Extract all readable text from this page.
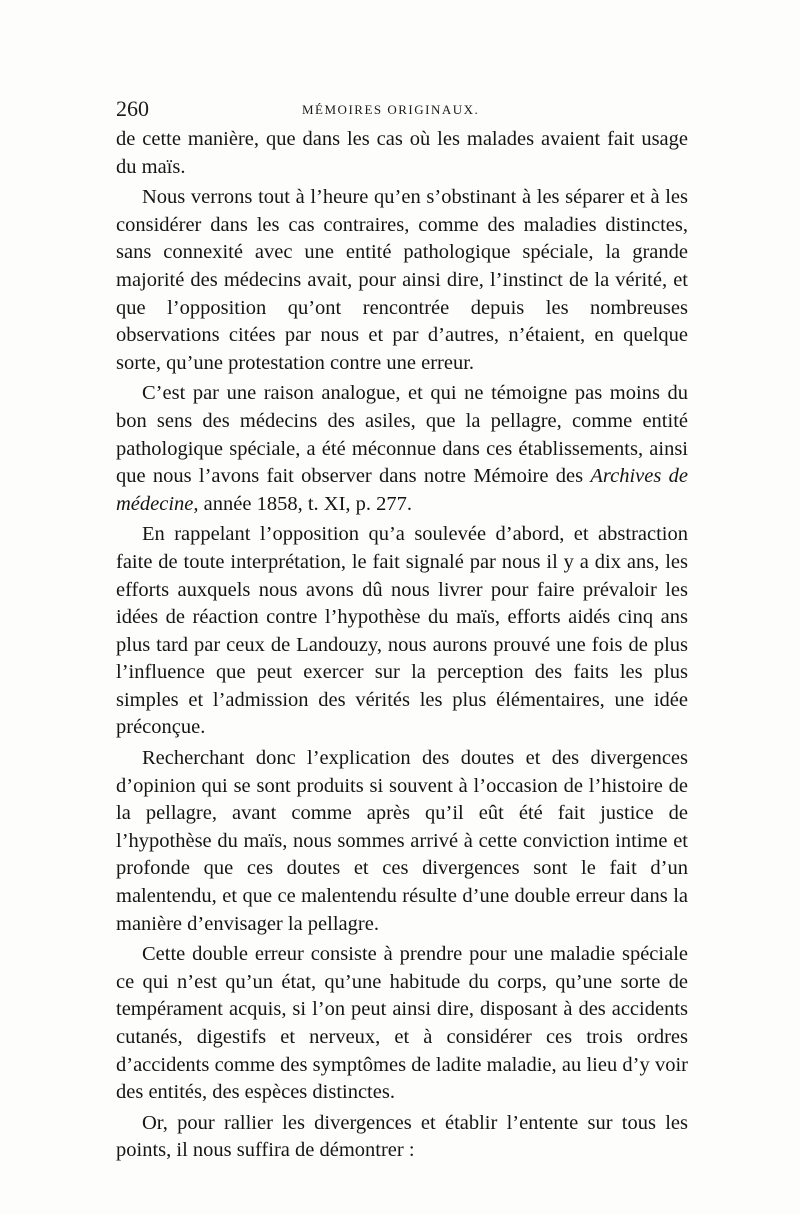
260	MÉMOIRES ORIGINAUX.

de cette manière, que dans les cas où les malades avaient fait usage du maïs.

Nous verrons tout à l’heure qu’en s’obstinant à les séparer et à les considérer dans les cas contraires, comme des maladies distinctes, sans connexité avec une entité pathologique spéciale, la grande majorité des médecins avait, pour ainsi dire, l’instinct de la vérité, et que l’opposition qu’ont rencontrée depuis les nombreuses observations citées par nous et par d’autres, n’étaient, en quelque sorte, qu’une protestation contre une erreur.

C’est par une raison analogue, et qui ne témoigne pas moins du bon sens des médecins des asiles, que la pellagre, comme entité pathologique spéciale, a été méconnue dans ces établissements, ainsi que nous l’avons fait observer dans notre Mémoire des Archives de médecine, année 1858, t. XI, p. 277.

En rappelant l’opposition qu’a soulevée d’abord, et abstraction faite de toute interprétation, le fait signalé par nous il y a dix ans, les efforts auxquels nous avons dû nous livrer pour faire prévaloir les idées de réaction contre l’hypothèse du maïs, efforts aidés cinq ans plus tard par ceux de Landouzy, nous aurons prouvé une fois de plus l’influence que peut exercer sur la perception des faits les plus simples et l’admission des vérités les plus élémentaires, une idée préconçue.

Recherchant donc l’explication des doutes et des divergences d’opinion qui se sont produits si souvent à l’occasion de l’histoire de la pellagre, avant comme après qu’il eût été fait justice de l’hypothèse du maïs, nous sommes arrivé à cette conviction intime et profonde que ces doutes et ces divergences sont le fait d’un malentendu, et que ce malentendu résulte d’une double erreur dans la manière d’envisager la pellagre.

Cette double erreur consiste à prendre pour une maladie spéciale ce qui n’est qu’un état, qu’une habitude du corps, qu’une sorte de tempérament acquis, si l’on peut ainsi dire, disposant à des accidents cutanés, digestifs et nerveux, et à considérer ces trois ordres d’accidents comme des symptômes de ladite maladie, au lieu d’y voir des entités, des espèces distinctes.

Or, pour rallier les divergences et établir l’entente sur tous les points, il nous suffira de démontrer :
